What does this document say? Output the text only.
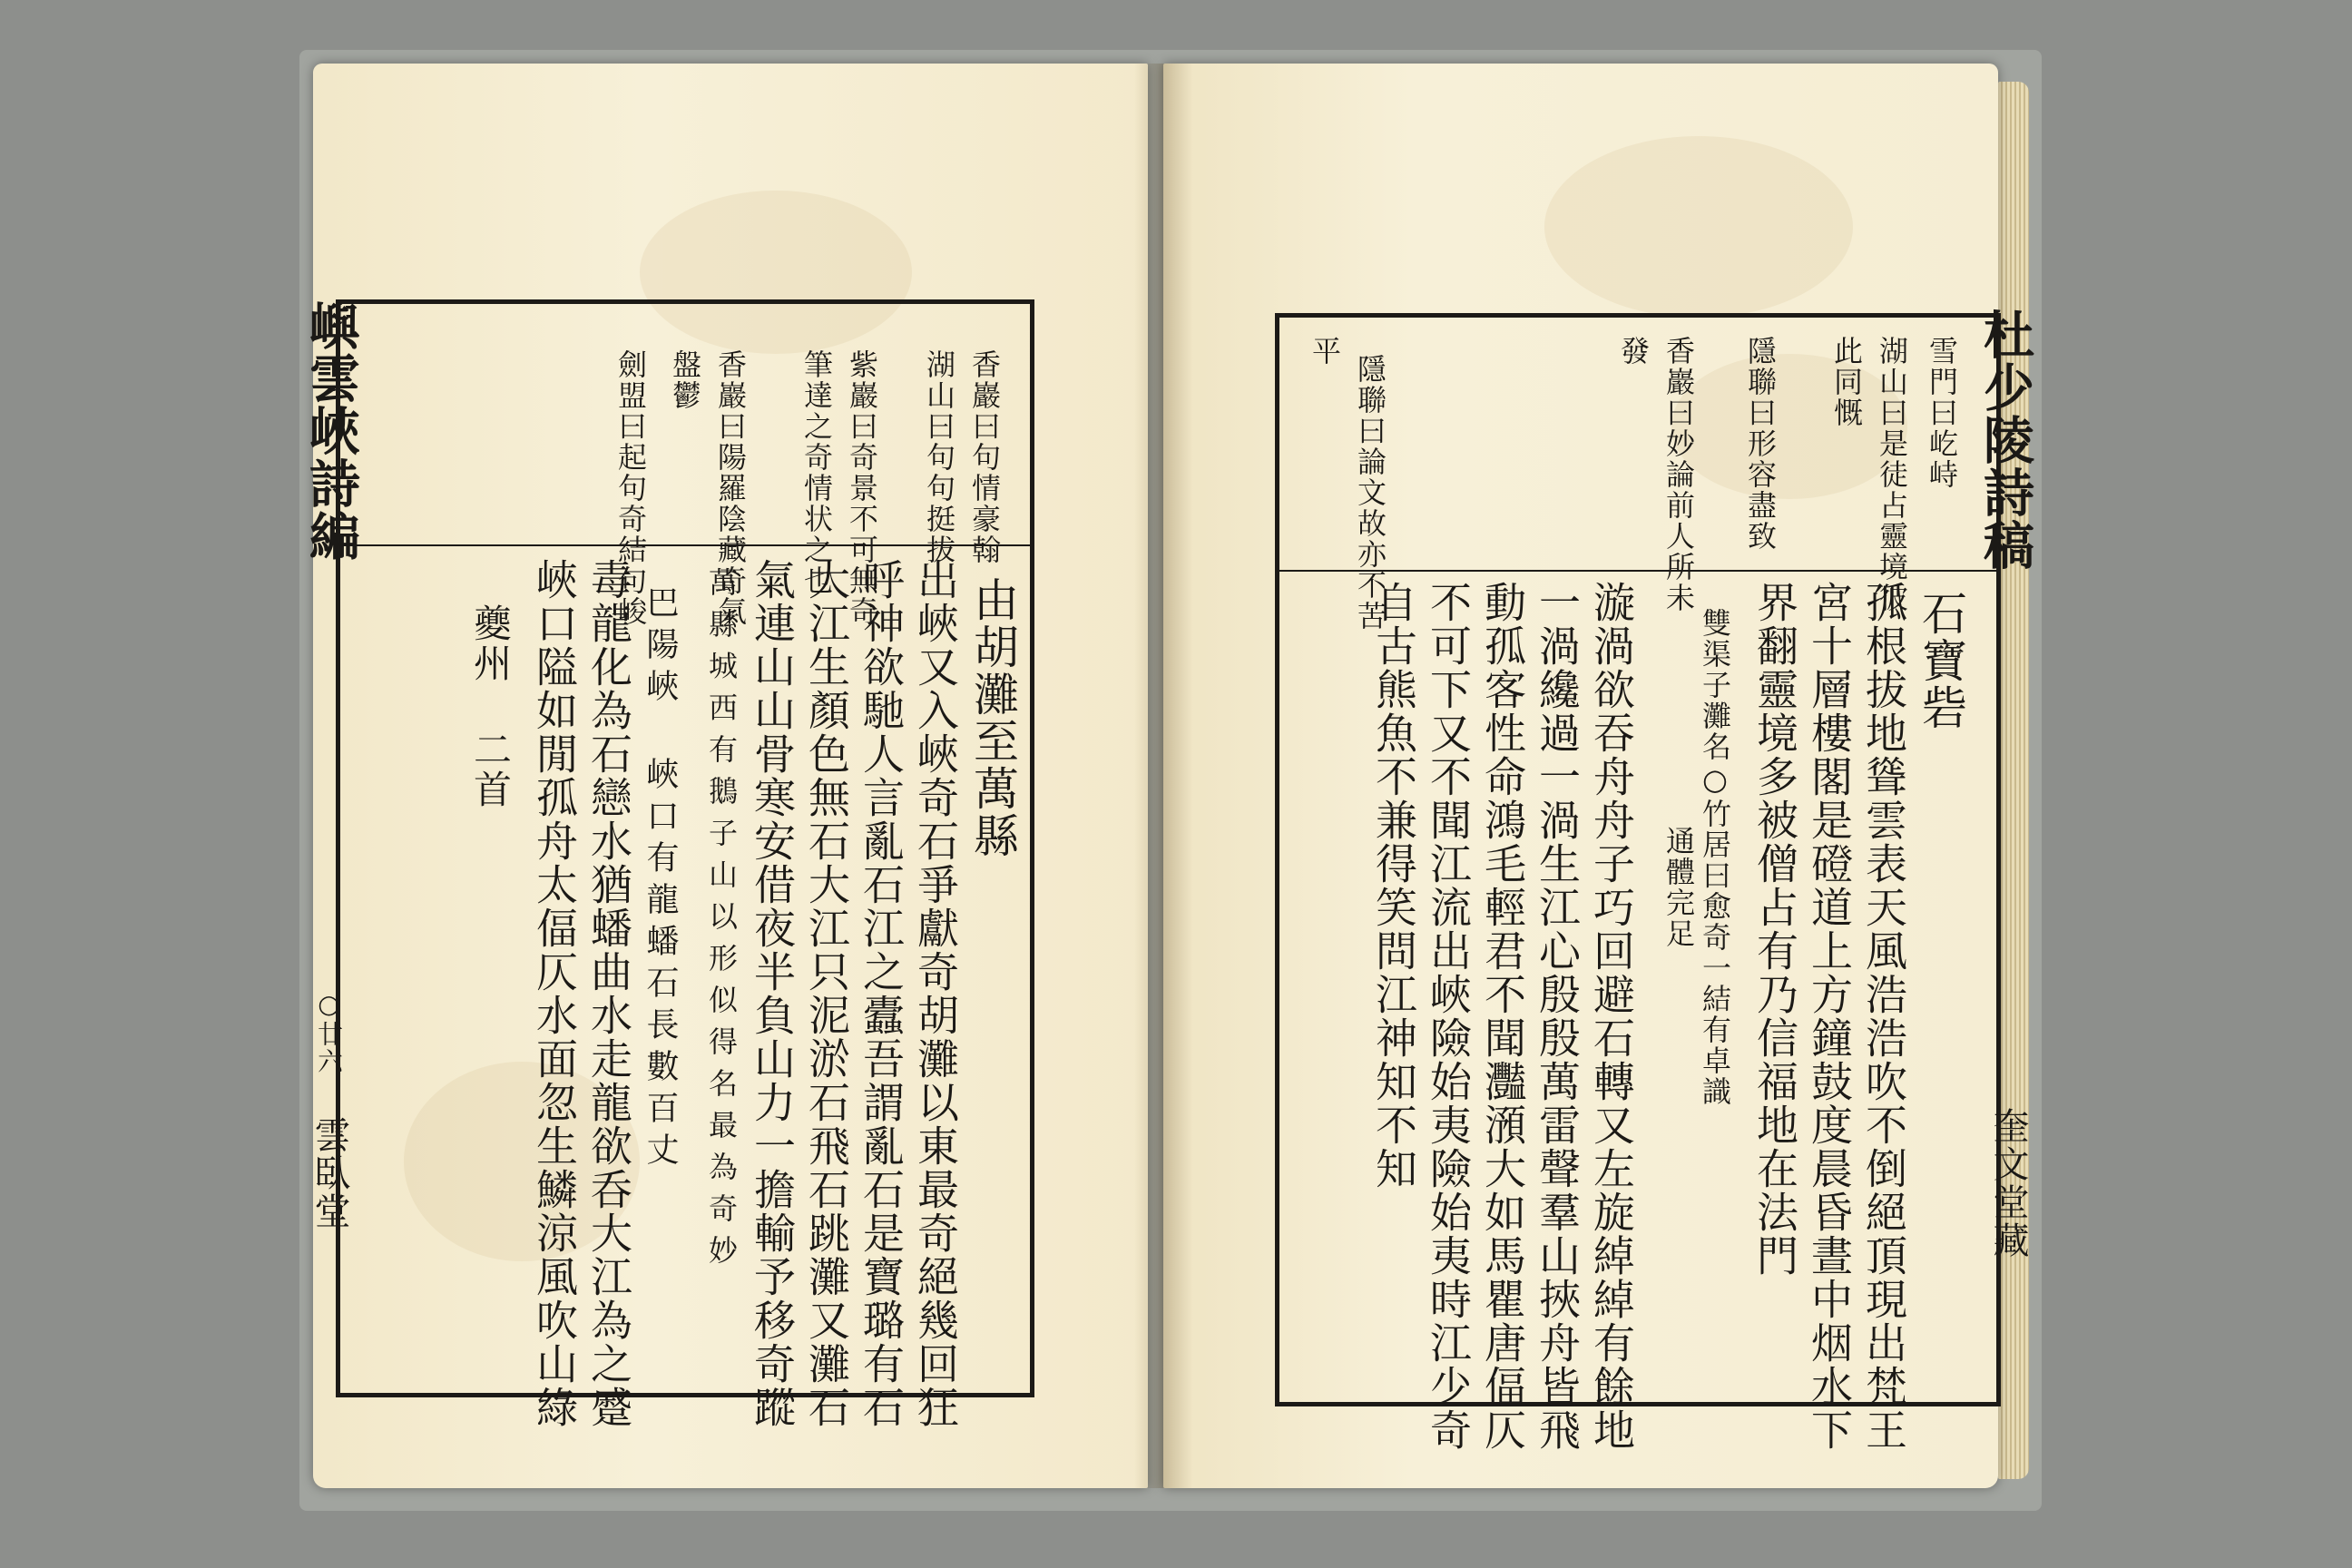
香巖曰句情豪翰
湖山曰句句挺拔
紫巖曰奇景不可無奇
筆達之奇情状之也
香巖曰陽羅陰藏奇氣
盤鬱
劍盟曰起句奇結句峻
由胡灘至萬縣
出峽又入峽奇石爭獻奇胡灘以東最奇絕幾回狂
呼神欲馳人言亂石江之蠹吾謂亂石是寶璐有石
大江生顏色無石大江只泥淤石飛石跳灘又灘石
氣連山山骨寒安借夜半負山力一擔輸予移奇蹤
萬縣城西有鵝子山以形似得名最為奇妙
巴陽峽 峽口有龍蟠石長數百丈
毒龍化為石戀水猶蟠曲水走龍欲呑大江為之蹙
峽口隘如閒孤舟太偪仄水面忽生鱗涼風吹山綠
夔州 二首
嶼雲峽詩編
○廿六
雲臥堂
雪門曰屹峙
湖山曰是徒占靈境彼
此同慨
隱聯曰形容盡致
香巖曰妙論前人所未
發
隱聯曰論文故亦不苦
平
石寶砦
孤根拔地聳雲表天風浩浩吹不倒絕頂現出梵王
宮十層樓閣是磴道上方鐘鼓度晨昏晝中烟水下
界翻靈境多被僧占有乃信福地在法門
雙渠子灘名○竹居曰愈奇一結有卓識
通體完足
漩渦欲吞舟舟子巧回避石轉又左旋綽綽有餘地
一渦纔過一渦生江心殷殷萬雷聲羣山挾舟皆飛
動孤客性命鴻毛輕君不聞灩澦大如馬瞿唐偪仄
不可下又不聞江流出峽險始夷險始夷時江少奇
自古熊魚不兼得笑問江神知不知
杜少陵詩稿
奎文堂藏
